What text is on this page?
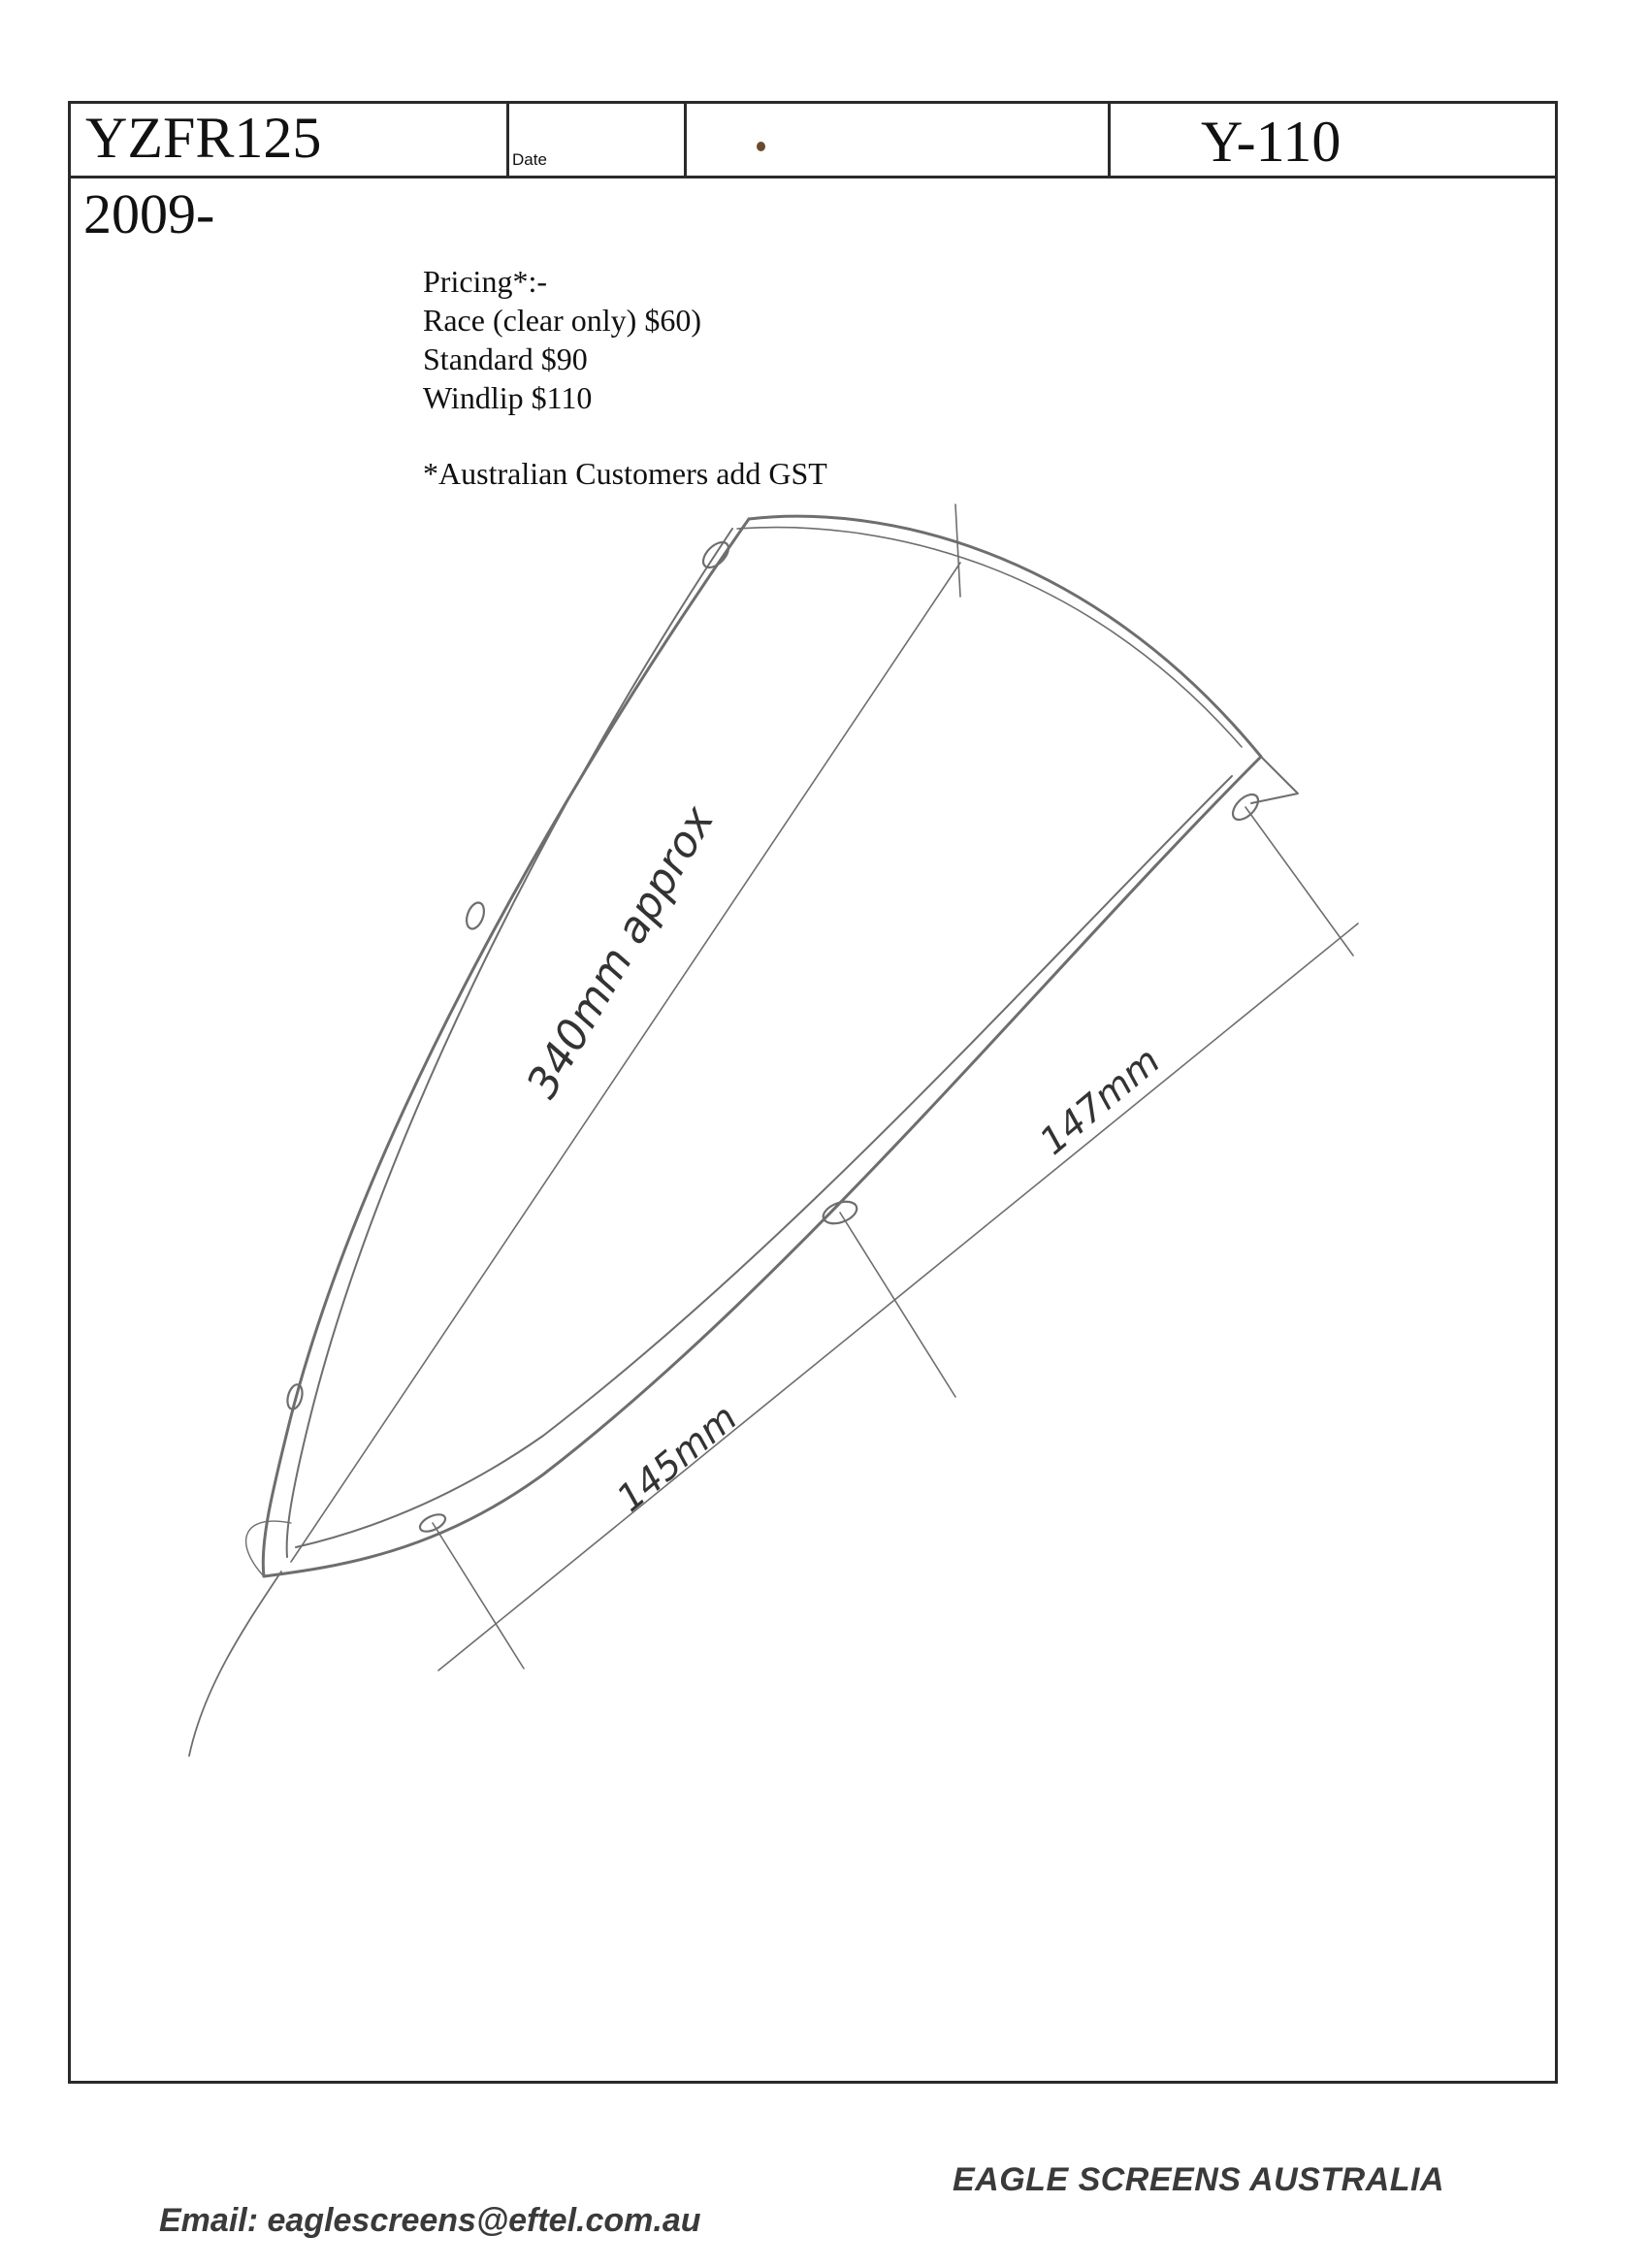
YZFR125	Date	Y-110
2009-
Pricing*:-
Race (clear only) $60)
Standard $90
Windlip $110
*Australian Customers add GST
340mm approx
145mm
147mm
EAGLE SCREENS AUSTRALIA
Email: eaglescreens@eftel.com.au
